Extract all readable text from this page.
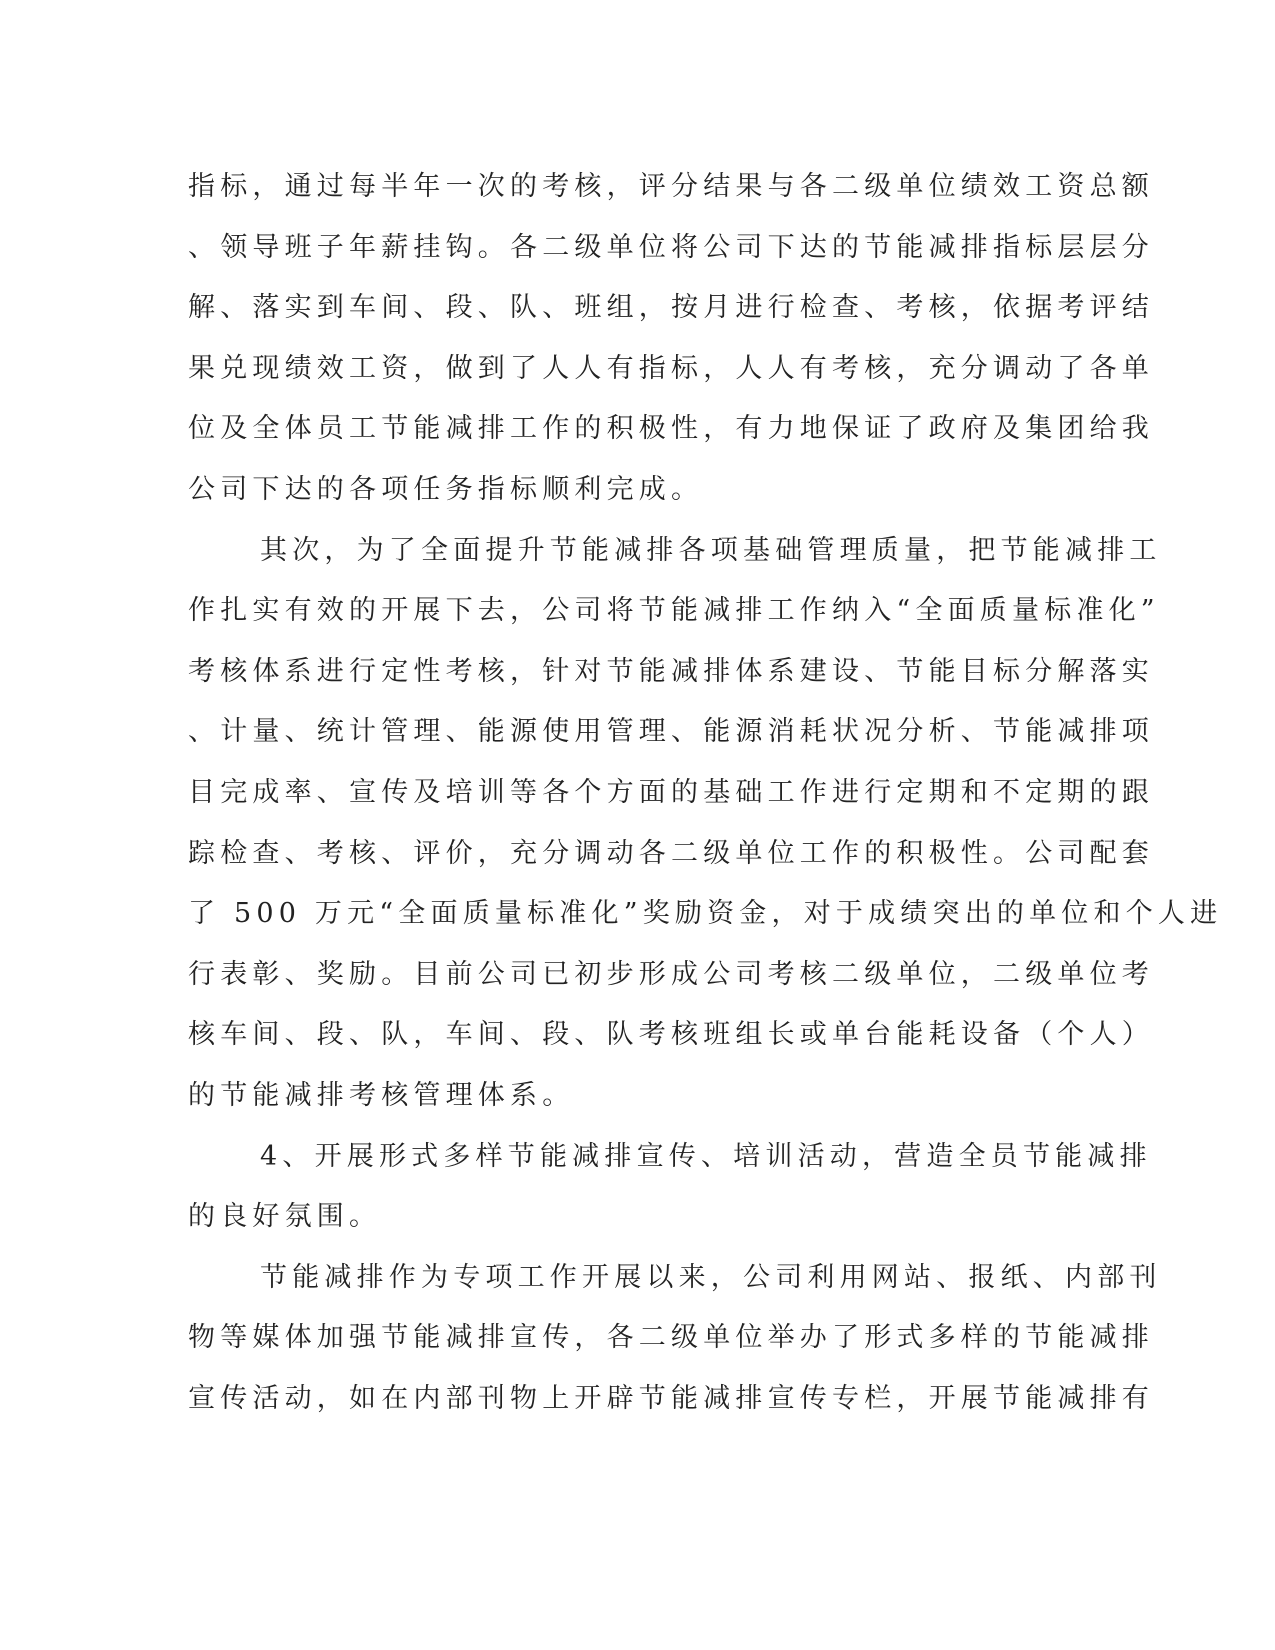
指标，通过每半年一次的考核，评分结果与各二级单位绩效工资总额
、领导班子年薪挂钩。各二级单位将公司下达的节能减排指标层层分
解、落实到车间、段、队、班组，按月进行检查、考核，依据考评结
果兑现绩效工资，做到了人人有指标，人人有考核，充分调动了各单
位及全体员工节能减排工作的积极性，有力地保证了政府及集团给我
公司下达的各项任务指标顺利完成。
其次，为了全面提升节能减排各项基础管理质量，把节能减排工
作扎实有效的开展下去，公司将节能减排工作纳入“全面质量标准化”
考核体系进行定性考核，针对节能减排体系建设、节能目标分解落实
、计量、统计管理、能源使用管理、能源消耗状况分析、节能减排项
目完成率、宣传及培训等各个方面的基础工作进行定期和不定期的跟
踪检查、考核、评价，充分调动各二级单位工作的积极性。公司配套
了 500 万元“全面质量标准化”奖励资金，对于成绩突出的单位和个人进
行表彰、奖励。目前公司已初步形成公司考核二级单位，二级单位考
核车间、段、队，车间、段、队考核班组长或单台能耗设备（个人）
的节能减排考核管理体系。
4、开展形式多样节能减排宣传、培训活动，营造全员节能减排
的良好氛围。
节能减排作为专项工作开展以来，公司利用网站、报纸、内部刊
物等媒体加强节能减排宣传，各二级单位举办了形式多样的节能减排
宣传活动，如在内部刊物上开辟节能减排宣传专栏，开展节能减排有
